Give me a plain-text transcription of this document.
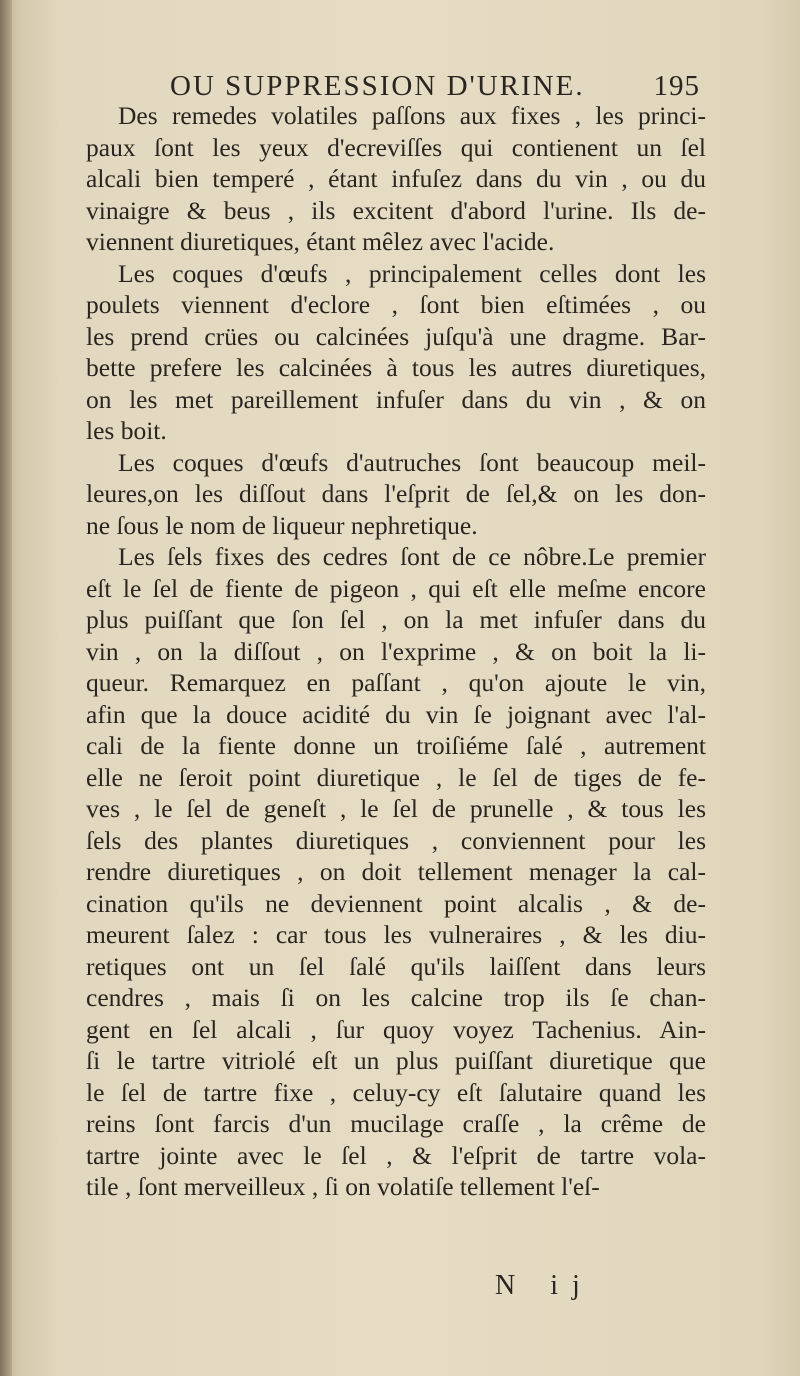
OU SUPPRESSION D'URINE. 195
Des remedes volatiles paſſons aux fixes , les princi-
paux ſont les yeux d'ecreviſſes qui contienent un ſel
alcali bien temperé , étant infuſez dans du vin , ou du
vinaigre & beus , ils excitent d'abord l'urine. Ils de-
viennent diuretiques, étant mêlez avec l'acide.
Les coques d'œufs , principalement celles dont les
poulets viennent d'eclore , ſont bien eſtimées , ou
les prend crües ou calcinées juſqu'à une dragme. Bar-
bette prefere les calcinées à tous les autres diuretiques,
on les met pareillement infuſer dans du vin , & on
les boit.
Les coques d'œufs d'autruches ſont beaucoup meil-
leures,on les diſſout dans l'eſprit de ſel,& on les don-
ne ſous le nom de liqueur nephretique.
Les ſels fixes des cedres ſont de ce nôbre.Le premier
eſt le ſel de fiente de pigeon , qui eſt elle meſme encore
plus puiſſant que ſon ſel , on la met infuſer dans du
vin , on la diſſout , on l'exprime , & on boit la li-
queur. Remarquez en paſſant , qu'on ajoute le vin,
afin que la douce acidité du vin ſe joignant avec l'al-
cali de la fiente donne un troiſiéme ſalé , autrement
elle ne ſeroit point diuretique , le ſel de tiges de fe-
ves , le ſel de geneſt , le ſel de prunelle , & tous les
ſels des plantes diuretiques , conviennent pour les
rendre diuretiques , on doit tellement menager la cal-
cination qu'ils ne deviennent point alcalis , & de-
meurent ſalez : car tous les vulneraires , & les diu-
retiques ont un ſel ſalé qu'ils laiſſent dans leurs
cendres , mais ſi on les calcine trop ils ſe chan-
gent en ſel alcali , ſur quoy voyez Tachenius. Ain-
ſi le tartre vitriolé eſt un plus puiſſant diuretique que
le ſel de tartre fixe , celuy-cy eſt ſalutaire quand les
reins ſont farcis d'un mucilage craſſe , la crême de
tartre jointe avec le ſel , & l'eſprit de tartre vola-
tile , ſont merveilleux , ſi on volatiſe tellement l'eſ-
N ij
